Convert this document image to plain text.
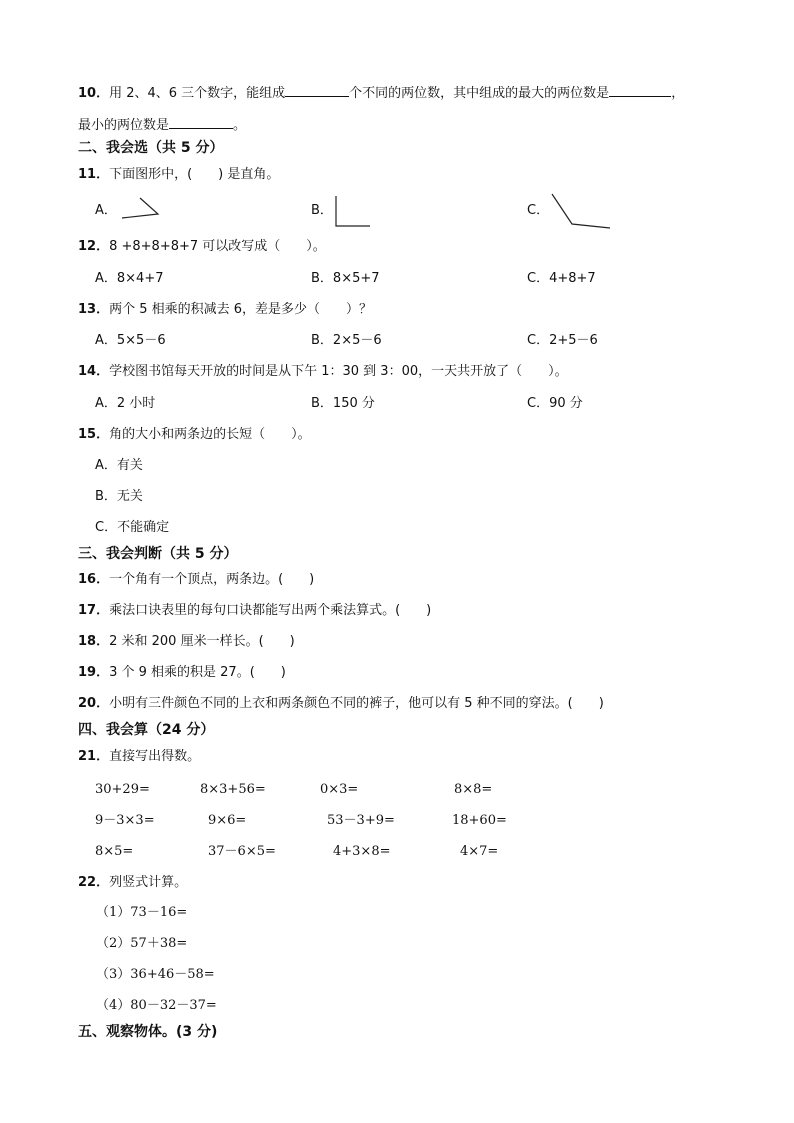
10．用 2、4、6 三个数字，能组成	个不同的两位数，其中组成的最大的两位数是	，
最小的两位数是	。
二、我会选（共 5 分）
11．下面图形中，(　　) 是直角。
A．	B．	C．
12．8 +8+8+8+7 可以改写成（　　）。
A．8×4+7	B．8×5+7	C．4+8+7
13．两个 5 相乘的积减去 6，差是多少（　　）？
A．5×5－6	B．2×5－6	C．2+5－6
14．学校图书馆每天开放的时间是从下午 1：30 到 3：00，一天共开放了（　　）。
A．2 小时	B．150 分	C．90 分
15．角的大小和两条边的长短（　　）。
A．有关
B．无关
C．不能确定
三、我会判断（共 5 分）
16．一个角有一个顶点，两条边。(　　)
17．乘法口诀表里的每句口诀都能写出两个乘法算式。(　　)
18．2 米和 200 厘米一样长。(　　)
19．3 个 9 相乘的积是 27。(　　)
20．小明有三件颜色不同的上衣和两条颜色不同的裤子，他可以有 5 种不同的穿法。(　　)
四、我会算（24 分）
21．直接写出得数。
30+29=	8×3+56=	0×3=	8×8=
9－3×3=	9×6=	53－3+9=	18+60=
8×5=	37－6×5=	4+3×8=	4×7=
22．列竖式计算。
（1）73－16=
（2）57＋38=
（3）36+46－58=
（4）80－32－37=
五、观察物体。(3 分)
